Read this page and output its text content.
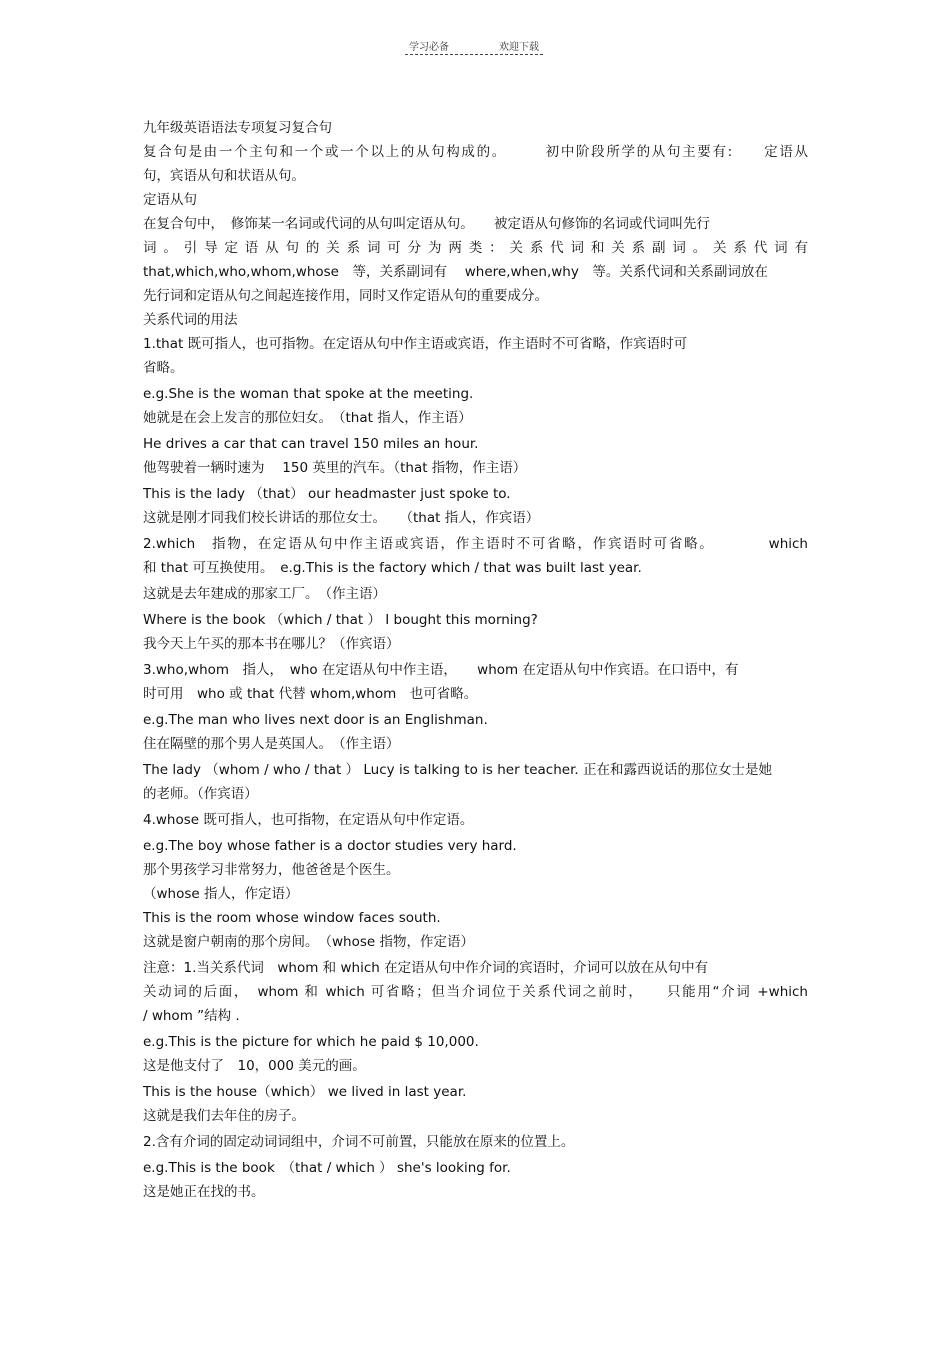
学习必备	欢迎下载
九年级英语语法专项复习复合句
复合句是由一个主句和一个或一个以上的从句构成的。　　　初中阶段所学的从句主要有:　　定语从
句，宾语从句和状语从句。
定语从句
在复合句中，　修饰某一名词或代词的从句叫定语从句。　　被定语从句修饰的名词或代词叫先行
词 。 引 导 定 语 从 句 的 关 系 词 可 分 为 两 类 ： 关 系 代 词 和 关 系 副 词 。 关 系 代 词 有
that,which,who,whom,whose　等，关系副词有　 where,when,why　等。关系代词和关系副词放在
先行词和定语从句之间起连接作用，同时又作定语从句的重要成分。
关系代词的用法
1.that 既可指人，也可指物。在定语从句中作主语或宾语，作主语时不可省略，作宾语时可
省略。
e.g.She is the woman that spoke at the meeting.
她就是在会上发言的那位妇女。　（that 指人，作主语）
He drives a car that can travel 150 miles an hour.
他驾驶着一辆时速为　 150 英里的汽车。（that 指物，作主语）
This is the lady （that） our headmaster just spoke to.
这就是刚才同我们校长讲话的那位女士。　　（that 指人，作宾语）
2.which　指物，在定语从句中作主语或宾语，作主语时不可省略，作宾语时可省略。　　　　which
和 that 可互换使用。　e.g.This is the factory which / that was built last year.
这就是去年建成的那家工厂。　（作主语）
Where is the book （which / that ） I bought this morning?
我今天上午买的那本书在哪儿？（作宾语）
3.who,whom　指人，　who 在定语从句中作主语，　　whom 在定语从句中作宾语。在口语中，有
时可用　who 或 that 代替 whom,whom　也可省略。
e.g.The man who lives next door is an Englishman.
住在隔壁的那个男人是英国人。　（作主语）
The lady （whom / who / that ） Lucy is talking to is her teacher. 正在和露西说话的那位女士是她
的老师。（作宾语）
4.whose 既可指人，也可指物，在定语从句中作定语。
e.g.The boy whose father is a doctor studies very hard.
那个男孩学习非常努力，他爸爸是个医生。
（whose 指人，作定语）
This is the room whose window faces south.
这就是窗户朝南的那个房间。　（whose 指物，作定语）
注意：1.当关系代词　whom 和 which 在定语从句中作介词的宾语时，介词可以放在从句中有
关动词的后面，　whom 和 which 可省略；但当介词位于关系代词之前时，　　只能用“介词 +which
/ whom ”结构 .
e.g.This is the picture for which he paid $ 10,000.
这是他支付了　10，000 美元的画。
This is the house（which） we lived in last year.
这就是我们去年住的房子。
2.含有介词的固定动词词组中，介词不可前置，只能放在原来的位置上。
e.g.This is the book　（that / which ） she's looking for.
这是她正在找的书。
